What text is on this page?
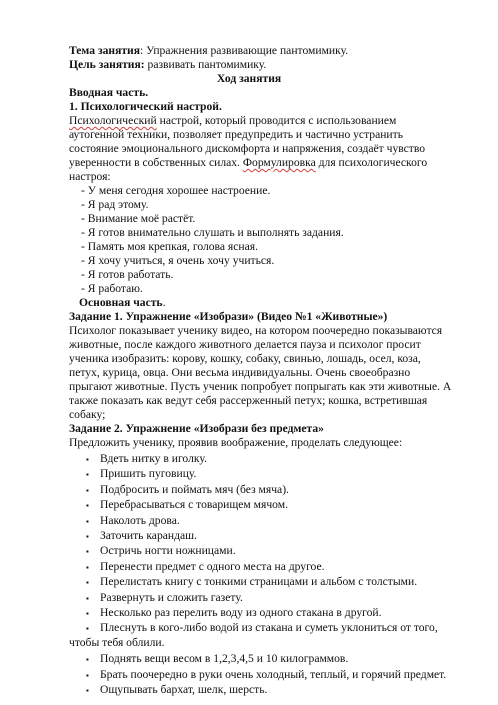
Тема занятия: Упражнения развивающие пантомимику.
Цель занятия: развивать пантомимику.
Ход занятия
Вводная часть.
1. Психологический настрой.
Психологический настрой, который проводится с использованием
аутогенной техники, позволяет предупредить и частично устранить
состояние эмоционального дискомфорта и напряжения, создаёт чувство
уверенности в собственных силах. Формулировка для психологического
настроя:
- У меня сегодня хорошее настроение.
- Я рад этому.
- Внимание моё растёт.
- Я готов внимательно слушать и выполнять задания.
- Память моя крепкая, голова ясная.
- Я хочу учиться, я очень хочу учиться.
- Я готов работать.
- Я работаю.
Основная часть.
Задание 1. Упражнение «Изобрази» (Видео №1 «Животные»)
Психолог показывает ученику видео, на котором поочередно показываются
животные, после каждого животного делается пауза и психолог просит
ученика изобразить: корову, кошку, собаку, свинью, лошадь, осел, коза,
петух, курица, овца. Они весьма индивидуальны. Очень своеобразно
прыгают животные. Пусть ученик попробует попрыгать как эти животные. А
также показать как ведут себя рассерженный петух; кошка, встретившая
собаку;
Задание 2. Упражнение «Изобрази без предмета»
Предложить ученику, проявив воображение, проделать следующее:
▪ Вдеть нитку в иголку.
▪ Пришить пуговицу.
▪ Подбросить и поймать мяч (без мяча).
▪ Перебрасываться с товарищем мячом.
▪ Наколоть дрова.
▪ Заточить карандаш.
▪ Остричь ногти ножницами.
▪ Перенести предмет с одного места на другое.
▪ Перелистать книгу с тонкими страницами и альбом с толстыми.
▪ Развернуть и сложить газету.
▪ Несколько раз перелить воду из одного стакана в другой.
▪ Плеснуть в кого-либо водой из стакана и суметь уклониться от того,
чтобы тебя облили.
▪ Поднять вещи весом в 1,2,3,4,5 и 10 килограммов.
▪ Брать поочередно в руки очень холодный, теплый, и горячий предмет.
▪ Ощупывать бархат, шелк, шерсть.
